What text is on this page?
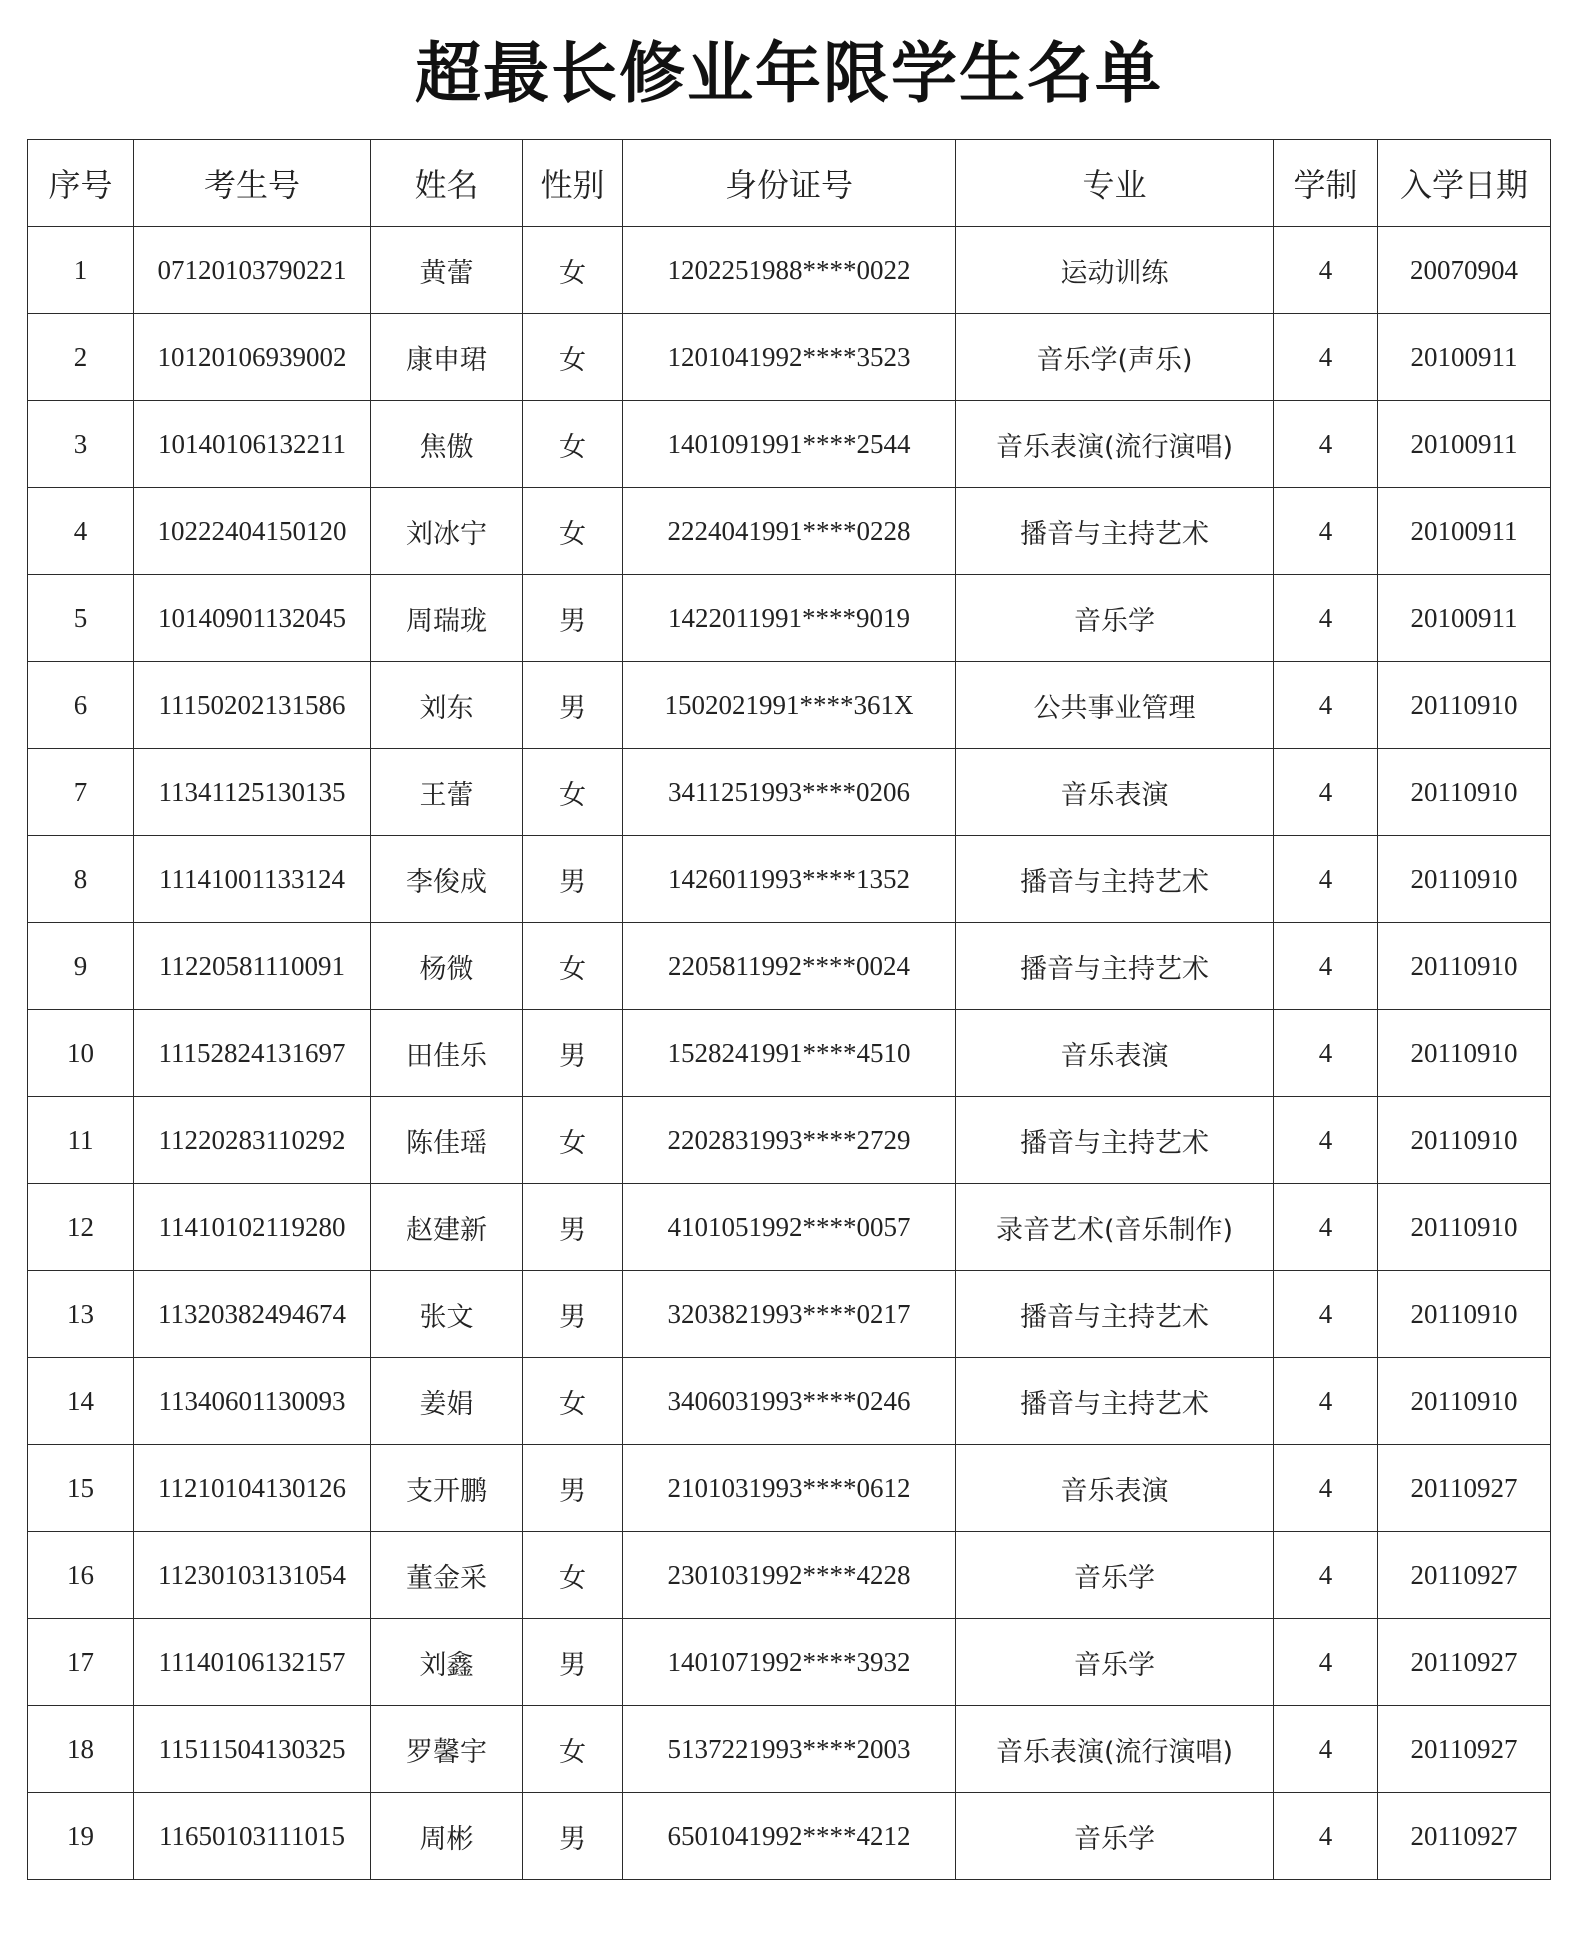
超最长修业年限学生名单
序号	考生号	姓名	性别	身份证号	专业	学制	入学日期
1	07120103790221	黄蕾	女	1202251988****0022	运动训练	4	20070904
2	10120106939002	康申珺	女	1201041992****3523	音乐学(声乐)	4	20100911
3	10140106132211	焦傲	女	1401091991****2544	音乐表演(流行演唱)	4	20100911
4	10222404150120	刘冰宁	女	2224041991****0228	播音与主持艺术	4	20100911
5	10140901132045	周瑞珑	男	1422011991****9019	音乐学	4	20100911
6	11150202131586	刘东	男	1502021991****361X	公共事业管理	4	20110910
7	11341125130135	王蕾	女	3411251993****0206	音乐表演	4	20110910
8	11141001133124	李俊成	男	1426011993****1352	播音与主持艺术	4	20110910
9	11220581110091	杨微	女	2205811992****0024	播音与主持艺术	4	20110910
10	11152824131697	田佳乐	男	1528241991****4510	音乐表演	4	20110910
11	11220283110292	陈佳瑶	女	2202831993****2729	播音与主持艺术	4	20110910
12	11410102119280	赵建新	男	4101051992****0057	录音艺术(音乐制作)	4	20110910
13	11320382494674	张文	男	3203821993****0217	播音与主持艺术	4	20110910
14	11340601130093	姜娟	女	3406031993****0246	播音与主持艺术	4	20110910
15	11210104130126	支开鹏	男	2101031993****0612	音乐表演	4	20110927
16	11230103131054	董金采	女	2301031992****4228	音乐学	4	20110927
17	11140106132157	刘鑫	男	1401071992****3932	音乐学	4	20110927
18	11511504130325	罗馨宇	女	5137221993****2003	音乐表演(流行演唱)	4	20110927
19	11650103111015	周彬	男	6501041992****4212	音乐学	4	20110927
